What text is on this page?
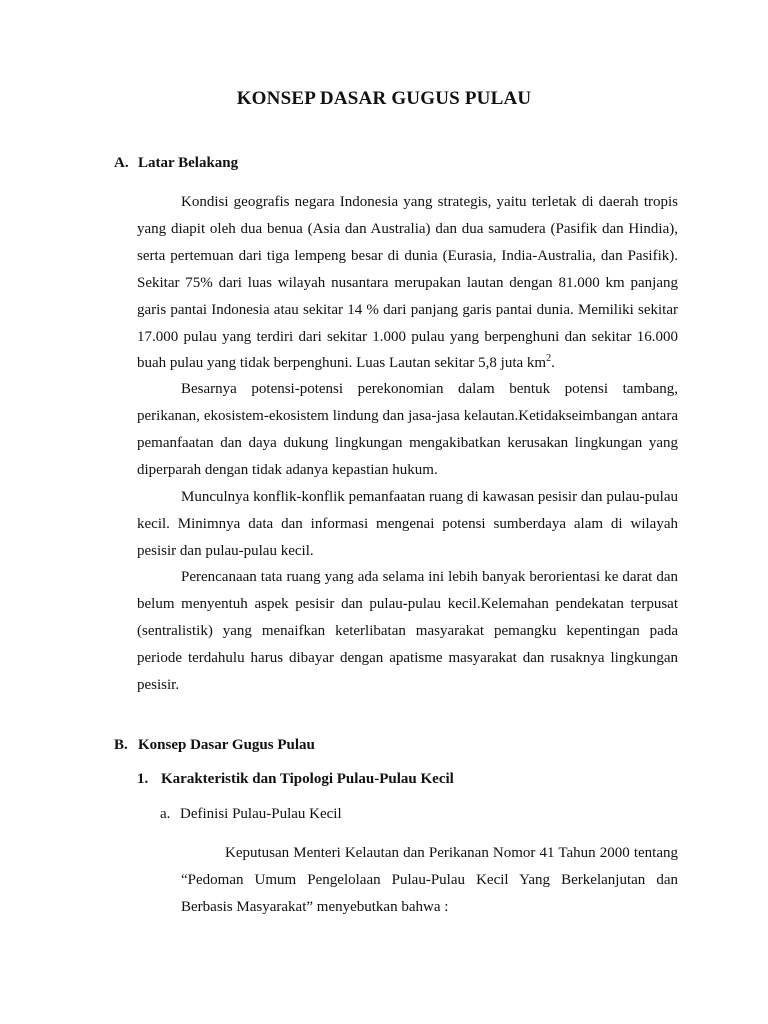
KONSEP DASAR GUGUS PULAU
A. Latar Belakang

Kondisi geografis negara Indonesia yang strategis, yaitu terletak di daerah tropis yang diapit oleh dua benua (Asia dan Australia) dan dua samudera (Pasifik dan Hindia), serta pertemuan dari tiga lempeng besar di dunia (Eurasia, India-Australia, dan Pasifik). Sekitar 75% dari luas wilayah nusantara merupakan lautan dengan 81.000 km panjang garis pantai Indonesia atau sekitar 14 % dari panjang garis pantai dunia. Memiliki sekitar 17.000 pulau yang terdiri dari sekitar 1.000 pulau yang berpenghuni dan sekitar 16.000 buah pulau yang tidak berpenghuni. Luas Lautan sekitar 5,8 juta $km^2$.

Besarnya potensi-potensi perekonomian dalam bentuk potensi tambang, perikanan, ekosistem-ekosistem lindung dan jasa-jasa kelautan.Ketidakseimbangan antara pemanfaatan dan daya dukung lingkungan mengakibatkan kerusakan lingkungan yang diperparah dengan tidak adanya kepastian hukum.

Munculnya konflik-konflik pemanfaatan ruang di kawasan pesisir dan pulau-pulau kecil. Minimnya data dan informasi mengenai potensi sumberdaya alam di wilayah pesisir dan pulau-pulau kecil.

Perencanaan tata ruang yang ada selama ini lebih banyak berorientasi ke darat dan belum menyentuh aspek pesisir dan pulau-pulau kecil.Kelemahan pendekatan terpusat (sentralistik) yang menaifkan keterlibatan masyarakat pemangku kepentingan pada periode terdahulu harus dibayar dengan apatisme masyarakat dan rusaknya lingkungan pesisir.

B. Konsep Dasar Gugus Pulau
1. Karakteristik dan Tipologi Pulau-Pulau Kecil
a. Definisi Pulau-Pulau Kecil

Keputusan Menteri Kelautan dan Perikanan Nomor 41 Tahun 2000 tentang “Pedoman Umum Pengelolaan Pulau-Pulau Kecil Yang Berkelanjutan dan Berbasis Masyarakat” menyebutkan bahwa :
